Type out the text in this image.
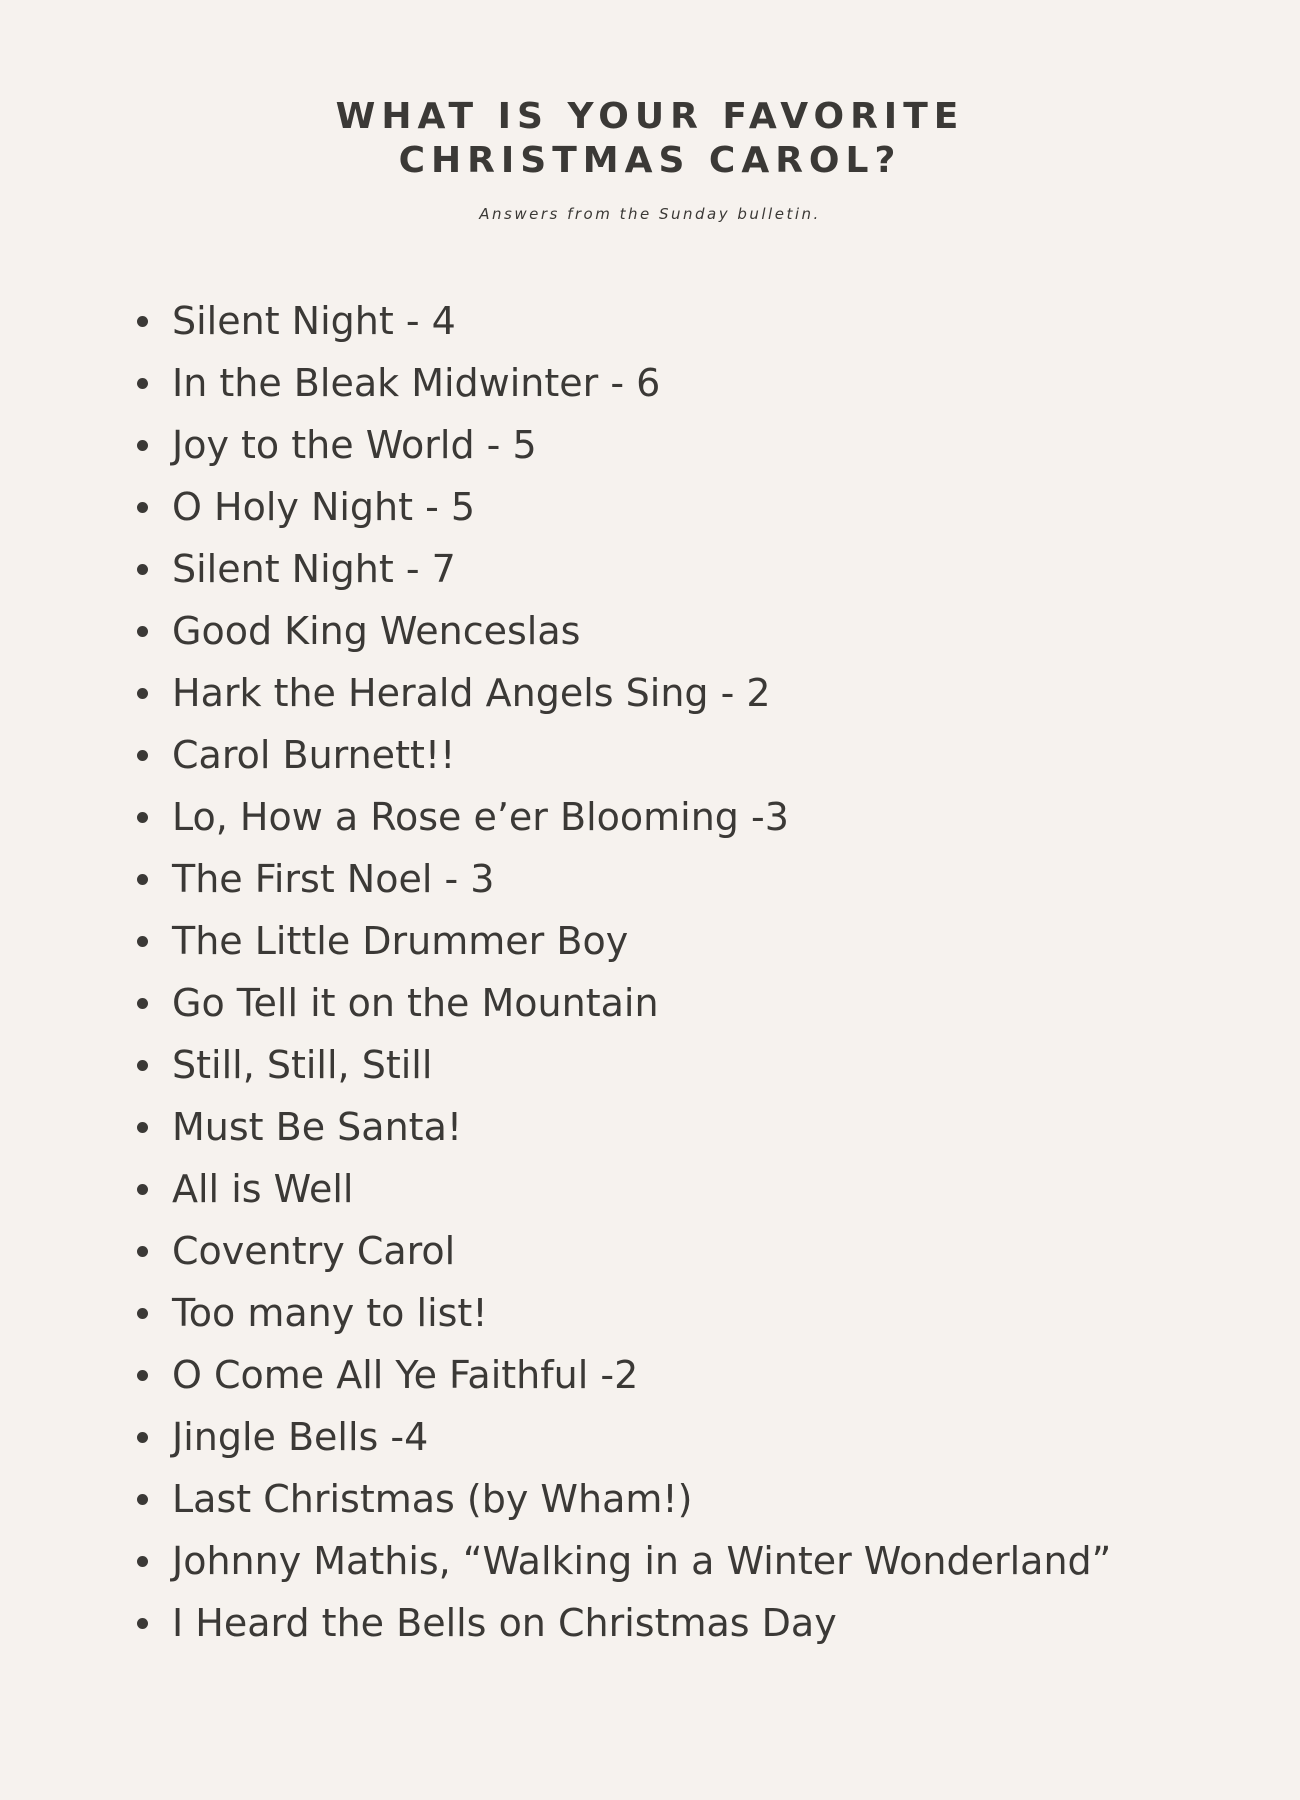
WHAT IS YOUR FAVORITE
CHRISTMAS CAROL?
Answers from the Sunday bulletin.
Silent Night - 4
In the Bleak Midwinter - 6
Joy to the World - 5
O Holy Night - 5
Silent Night - 7
Good King Wenceslas
Hark the Herald Angels Sing - 2
Carol Burnett!!
Lo, How a Rose e’er Blooming -3
The First Noel - 3
The Little Drummer Boy
Go Tell it on the Mountain
Still, Still, Still
Must Be Santa!
All is Well
Coventry Carol
Too many to list!
O Come All Ye Faithful -2
Jingle Bells -4
Last Christmas (by Wham!)
Johnny Mathis, “Walking in a Winter Wonderland”
I Heard the Bells on Christmas Day
